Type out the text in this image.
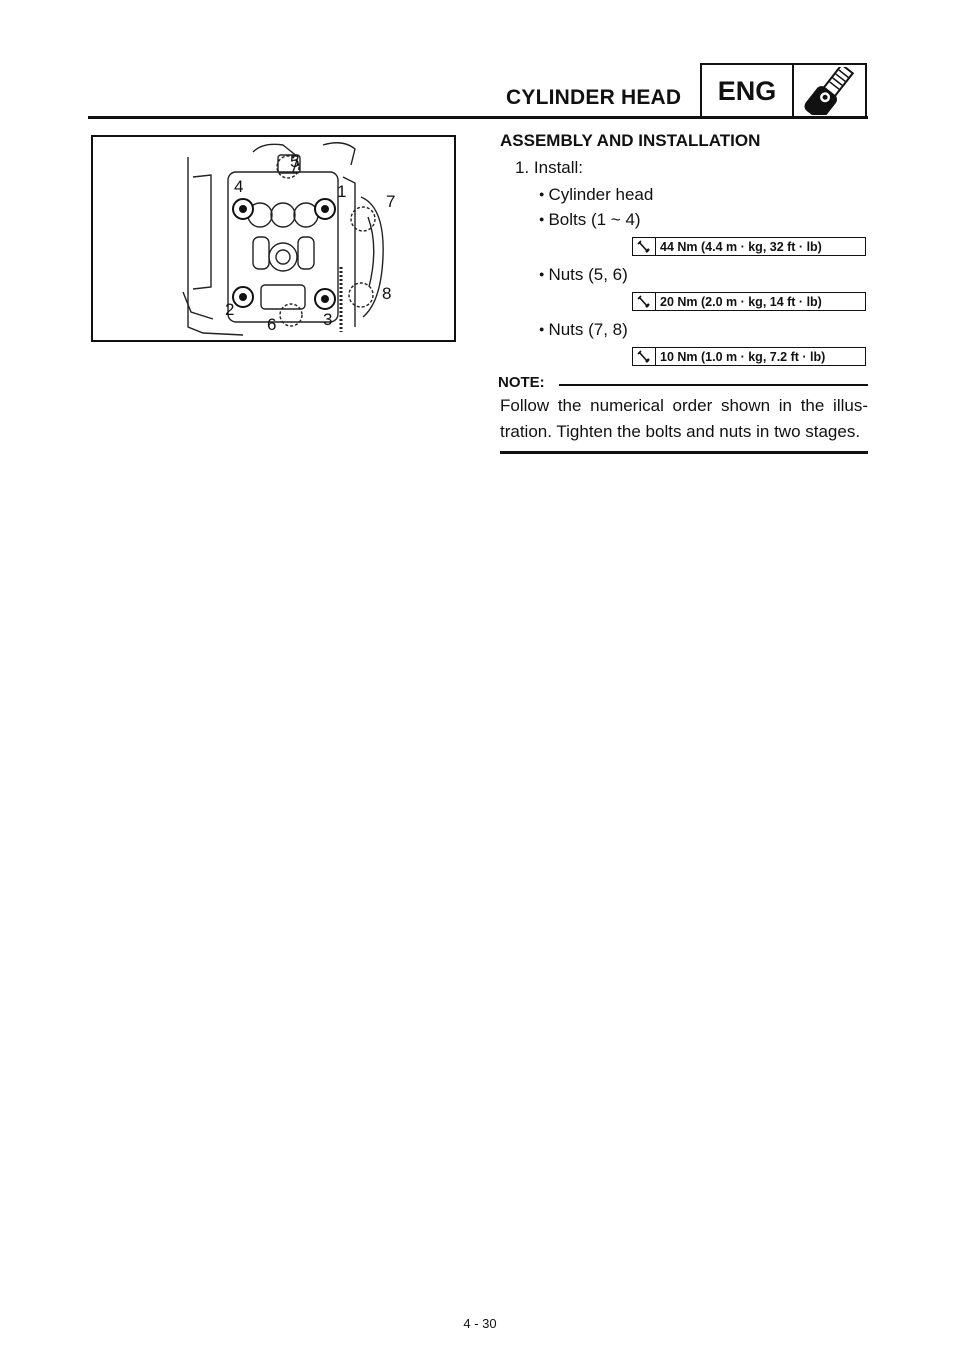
CYLINDER HEAD	ENG
1
2
3
4
5
6
7
8
ASSEMBLY AND INSTALLATION
1. Install:
● Cylinder head
● Bolts (1 ~ 4)
44 Nm (4.4 m · kg, 32 ft · lb)
● Nuts (5, 6)
20 Nm (2.0 m · kg, 14 ft · lb)
● Nuts (7, 8)
10 Nm (1.0 m · kg, 7.2 ft · lb)
NOTE:
Follow the numerical order shown in the illus- tration. Tighten the bolts and nuts in two stages.
4 - 30
